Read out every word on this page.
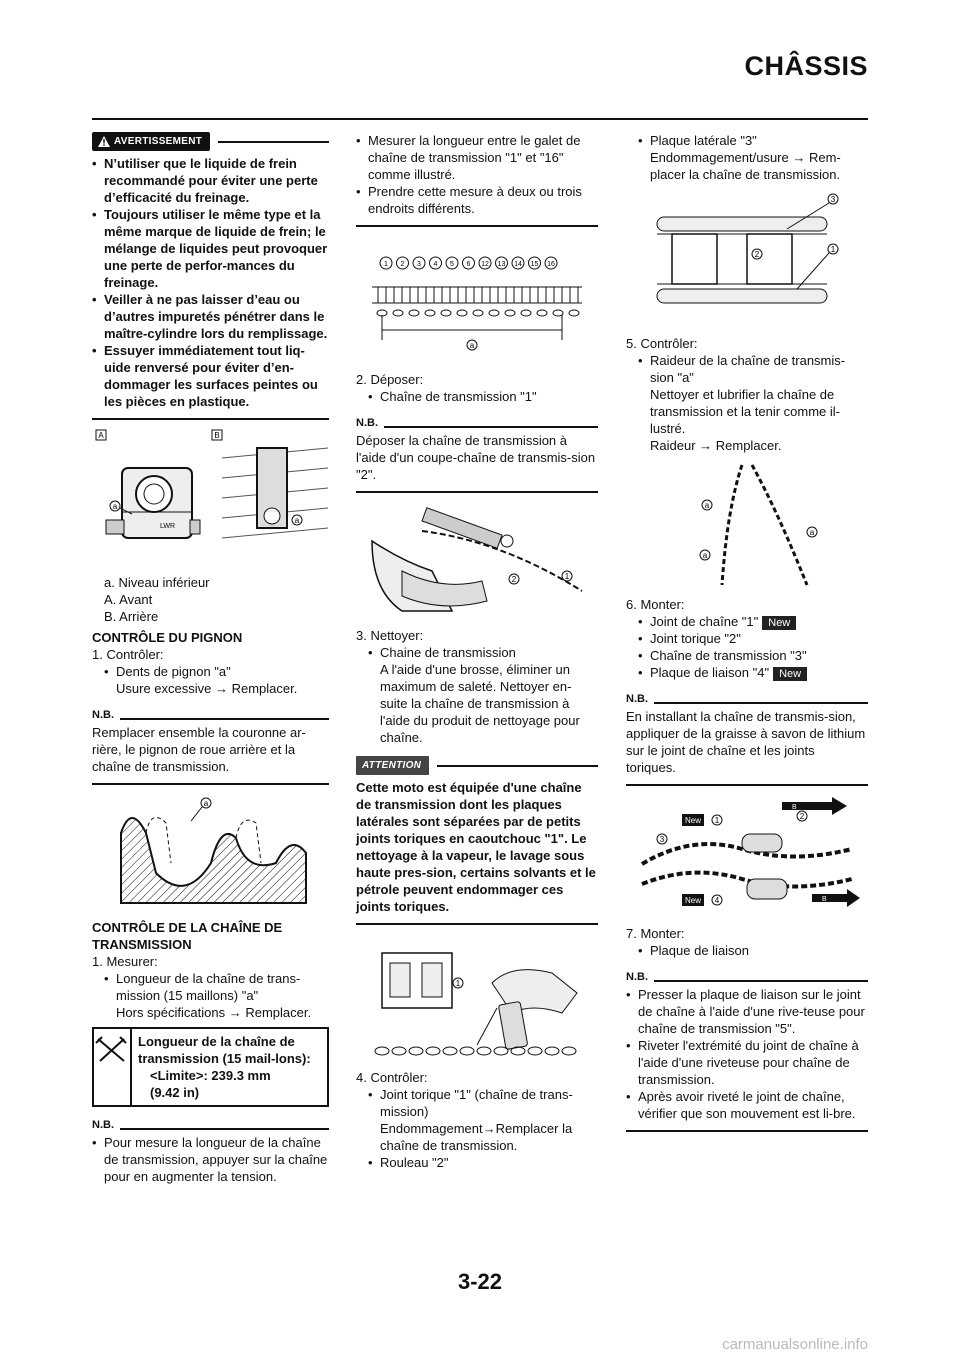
CHÂSSIS
AVERTISSEMENT
• N’utiliser que le liquide de frein recommandé pour éviter une perte d’efficacité du freinage.
• Toujours utiliser le même type et la même marque de liquide de frein; le mélange de liquides peut provoquer une perte de perfor-mances du freinage.
• Veiller à ne pas laisser d’eau ou d’autres impuretés pénétrer dans le maître-cylindre lors du remplissage.
• Essuyer immédiatement tout liq-uide renversé pour éviter d’en-dommager les surfaces peintes ou les pièces en plastique.
A	B
LWR
a
a
a. Niveau inférieur
A. Avant
B. Arrière
CONTRÔLE DU PIGNON
1. Contrôler:
• Dents de pignon "a"
Usure excessive → Remplacer.
N.B.
Remplacer ensemble la couronne ar-rière, le pignon de roue arrière et la chaîne de transmission.
a
CONTRÔLE DE LA CHAÎNE DE TRANSMISSION
1. Mesurer:
• Longueur de la chaîne de trans-mission (15 maillons) "a"
Hors spécifications → Remplacer.
Longueur de la chaîne de transmission (15 mail-lons):
<Limite>: 239.3 mm
(9.42 in)
N.B.
• Pour mesure la longueur de la chaîne de transmission, appuyer sur la chaîne pour en augmenter la tension.
• Mesurer la longueur entre le galet de chaîne de transmission "1" et "16" comme illustré.
• Prendre cette mesure à deux ou trois endroits différents.
1 2 3 4 5 6 12 13 14 15 16
a
2. Déposer:
• Chaîne de transmission "1"
N.B.
Déposer la chaîne de transmission à l'aide d'un coupe-chaîne de transmis-sion "2".
2	1
3. Nettoyer:
• Chaine de transmission
A l'aide d'une brosse, éliminer un maximum de saleté. Nettoyer en-suite la chaîne de transmission à l'aide du produit de nettoyage pour chaîne.
ATTENTION
Cette moto est équipée d'une chaîne de transmission dont les plaques latérales sont séparées par de petits joints toriques en caoutchouc "1". Le nettoyage à la vapeur, le lavage sous haute pres-sion, certains solvants et le pétrole peuvent endommager ces joints toriques.
1
4. Contrôler:
• Joint torique "1" (chaîne de trans-mission)
Endommagement→Remplacer la chaîne de transmission.
• Rouleau "2"
• Plaque latérale "3"
Endommagement/usure → Rem-placer la chaîne de transmission.
3
2
1
5. Contrôler:
• Raideur de la chaîne de transmis-sion "a"
Nettoyer et lubrifier la chaîne de transmission et la tenir comme il-lustré.
Raideur → Remplacer.
a
a
a
6. Monter:
• Joint de chaîne "1" New
• Joint torique "2"
• Chaîne de transmission "3"
• Plaque de liaison "4" New
N.B.
En installant la chaîne de transmis-sion, appliquer de la graisse à savon de lithium sur le joint de chaîne et les joints toriques.
New
New
1	2
3
4
B
B
7. Monter:
• Plaque de liaison
N.B.
• Presser la plaque de liaison sur le joint de chaîne à l'aide d'une rive-teuse pour chaîne de transmission "5".
• Riveter l'extrémité du joint de chaîne à l'aide d'une riveteuse pour chaîne de transmission.
• Après avoir riveté le joint de chaîne, vérifier que son mouvement est li-bre.
3-22
carmanualsonline.info
